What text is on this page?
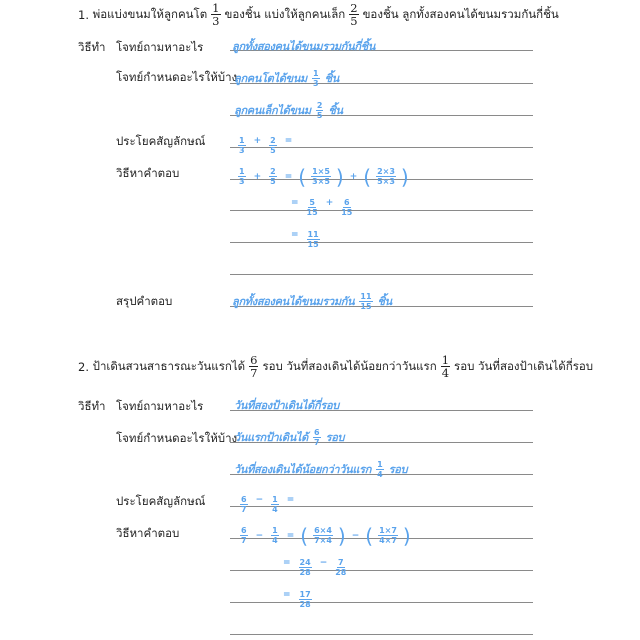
1.
พ่อแบ่งขนมให้ลูกคนโต $\frac{1}{3}$ ของชิ้น แบ่งให้ลูกคนเล็ก $\frac{2}{5}$ ของชิ้น ลูกทั้งสองคนได้ขนมรวมกันกี่ชิ้น
วิธีทำ โจทย์ถามหาอะไร
โจทย์กำหนดอะไรให้บ้าง
ประโยคสัญลักษณ์
วิธีหาคำตอบ
สรุปคำตอบ
ลูกทั้งสองคนได้ขนมรวมกันกี่ชิ้น
ลูกคนโตได้ขนม 1
3 ชิ้น
ลูกคนเล็กได้ขนม 2
5 ชิ้น
1
3
+ $\frac{2}{5}$ =
1
$3 + \frac{2}{5}$ = ( 1×5
3×5 ) + ( 2×3
5×3 )
= $\frac{5}{15} + \frac{6}{15}$
= $\frac{11}{15}$
ลูกทั้งสองคนได้ขนมรวมกัน 11
15 ชิ้น
2.
ป้าเดินสวนสาธารณะวันแรกได้ $\frac{6}{7}$ รอบ วันที่สองเดินได้น้อยกว่าวันแรก $\frac{1}{4}$ รอบ วันที่สองป้าเดินได้กี่รอบ
วิธีทำ โจทย์ถามหาอะไร
โจทย์กำหนดอะไรให้บ้าง
ประโยคสัญลักษณ์
วิธีหาคำตอบ
วันที่สองป้าเดินได้กี่รอบ
วันแรกป้าเดินได้ 6
7 รอบ
วันที่สองเดินได้น้อยกว่าวันแรก 1
4 รอบ
6
7
− $\frac{1}{4}$ =
6
$7 - \frac{1}{4}$ = ( 6×4
7×4 ) − ( 1×7
4×7 )
= $\frac{24}{28} - \frac{7}{28}$
= $\frac{17}{28}$
